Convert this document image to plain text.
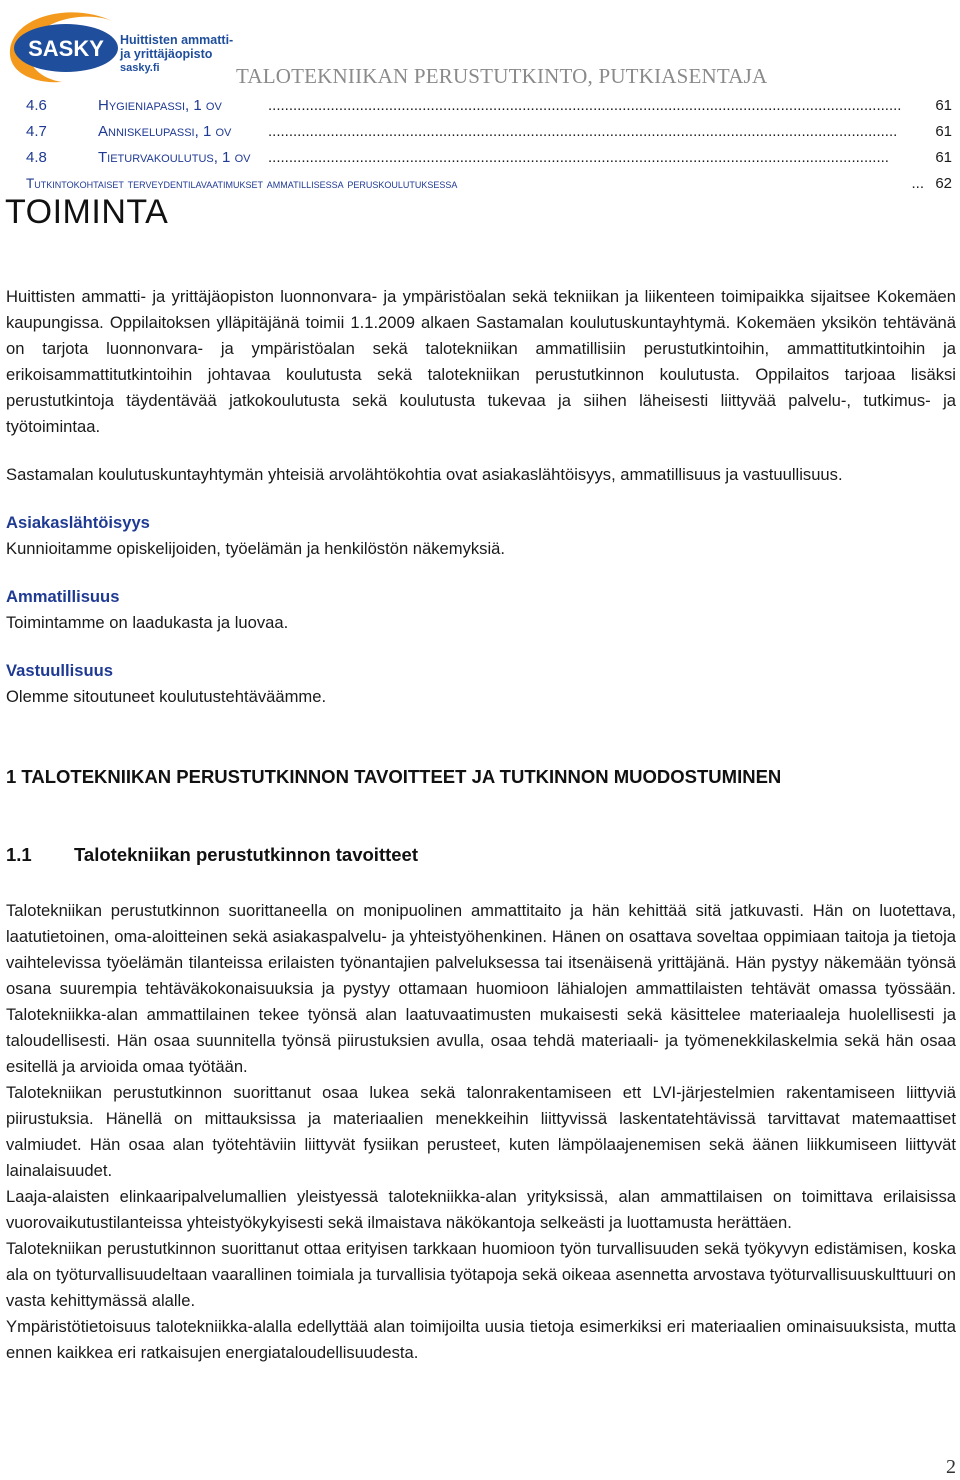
SASKY Huittisten ammatti-
ja yrittäjäopisto
sasky.fi	TALOTEKNIIKAN PERUSTUTKINTO, PUTKIASENTAJA
4.6	Hygieniapassi, 1 ov	........................................................................................................................................................	61
4.7	Anniskelupassi, 1 ov .......................................................................................................................................................	61
4.8	Tieturvakoulutus, 1 ov .....................................................................................................................................................	61
Tutkintokohtaiset terveydentilavaatimukset ammatillisessa peruskoulutuksessa	... 62
TOIMINTA

Huittisten ammatti- ja yrittäjäopiston luonnonvara- ja ympäristöalan sekä tekniikan ja liikenteen toimipaikka sijaitsee Kokemäen kaupungissa. Oppilaitoksen ylläpitäjänä toimii 1.1.2009 alkaen Sastamalan koulutuskuntayhtymä. Kokemäen yksikön tehtävänä on tarjota luonnonvara- ja ympäristöalan sekä talotekniikan ammatillisiin perustutkintoihin, ammattitutkintoihin ja erikoisammattitutkintoihin johtavaa koulutusta sekä talotekniikan perustutkinnon koulutusta. Oppilaitos tarjoaa lisäksi perustutkintoja täydentävää jatkokoulutusta sekä koulutusta tukevaa ja siihen läheisesti liittyvää palvelu-, tutkimus- ja työtoimintaa.

Sastamalan koulutuskuntayhtymän yhteisiä arvolähtökohtia ovat asiakaslähtöisyys, ammatillisuus ja vastuullisuus.

Asiakaslähtöisyys

Kunnioitamme opiskelijoiden, työelämän ja henkilöstön näkemyksiä.

Ammatillisuus

Toimintamme on laadukasta ja luovaa.

Vastuullisuus

Olemme sitoutuneet koulutustehtäväämme.

1 TALOTEKNIIKAN PERUSTUTKINNON TAVOITTEET JA TUTKINNON MUODOSTUMINEN

1.1 Talotekniikan perustutkinnon tavoitteet

Talotekniikan perustutkinnon suorittaneella on monipuolinen ammattitaito ja hän kehittää sitä jatkuvasti. Hän on luotettava, laatutietoinen, oma-aloitteinen sekä asiakaspalvelu- ja yhteistyöhenkinen. Hänen on osattava soveltaa oppimiaan taitoja ja tietoja vaihtelevissa työelämän tilanteissa erilaisten työnantajien palveluksessa tai itsenäisenä yrittäjänä. Hän pystyy näkemään työnsä osana suurempia tehtäväkokonaisuuksia ja pystyy ottamaan huomioon lähialojen ammattilaisten tehtävät omassa työssään. Talotekniikka-alan ammattilainen tekee työnsä alan laatuvaatimusten mukaisesti sekä käsittelee materiaaleja huolellisesti ja taloudellisesti. Hän osaa suunnitella työnsä piirustuksien avulla, osaa tehdä materiaali- ja työmenekkilaskelmia sekä hän osaa esitellä ja arvioida omaa työtään.

Talotekniikan perustutkinnon suorittanut osaa lukea sekä talonrakentamiseen ett LVI-järjestelmien rakentamiseen liittyviä piirustuksia. Hänellä on mittauksissa ja materiaalien menekkeihin liittyvissä laskentatehtävissä tarvittavat matemaattiset valmiudet. Hän osaa alan työtehtäviin liittyvät fysiikan perusteet, kuten lämpölaajenemisen sekä äänen liikkumiseen liittyvät lainalaisuudet.

Laaja-alaisten elinkaaripalvelumallien yleistyessä talotekniikka-alan yrityksissä, alan ammattilaisen on toimittava erilaisissa vuorovaikutustilanteissa yhteistyökykyisesti sekä ilmaistava näkökantoja selkeästi ja luottamusta herättäen.

Talotekniikan perustutkinnon suorittanut ottaa erityisen tarkkaan huomioon työn turvallisuuden sekä työkyvyn edistämisen, koska ala on työturvallisuudeltaan vaarallinen toimiala ja turvallisia työtapoja sekä oikeaa asennetta arvostava työturvallisuuskulttuuri on vasta kehittymässä alalle.

Ympäristötietoisuus talotekniikka-alalla edellyttää alan toimijoilta uusia tietoja esimerkiksi eri materiaalien ominaisuuksista, mutta ennen kaikkea eri ratkaisujen energiataloudellisuudesta.

2
